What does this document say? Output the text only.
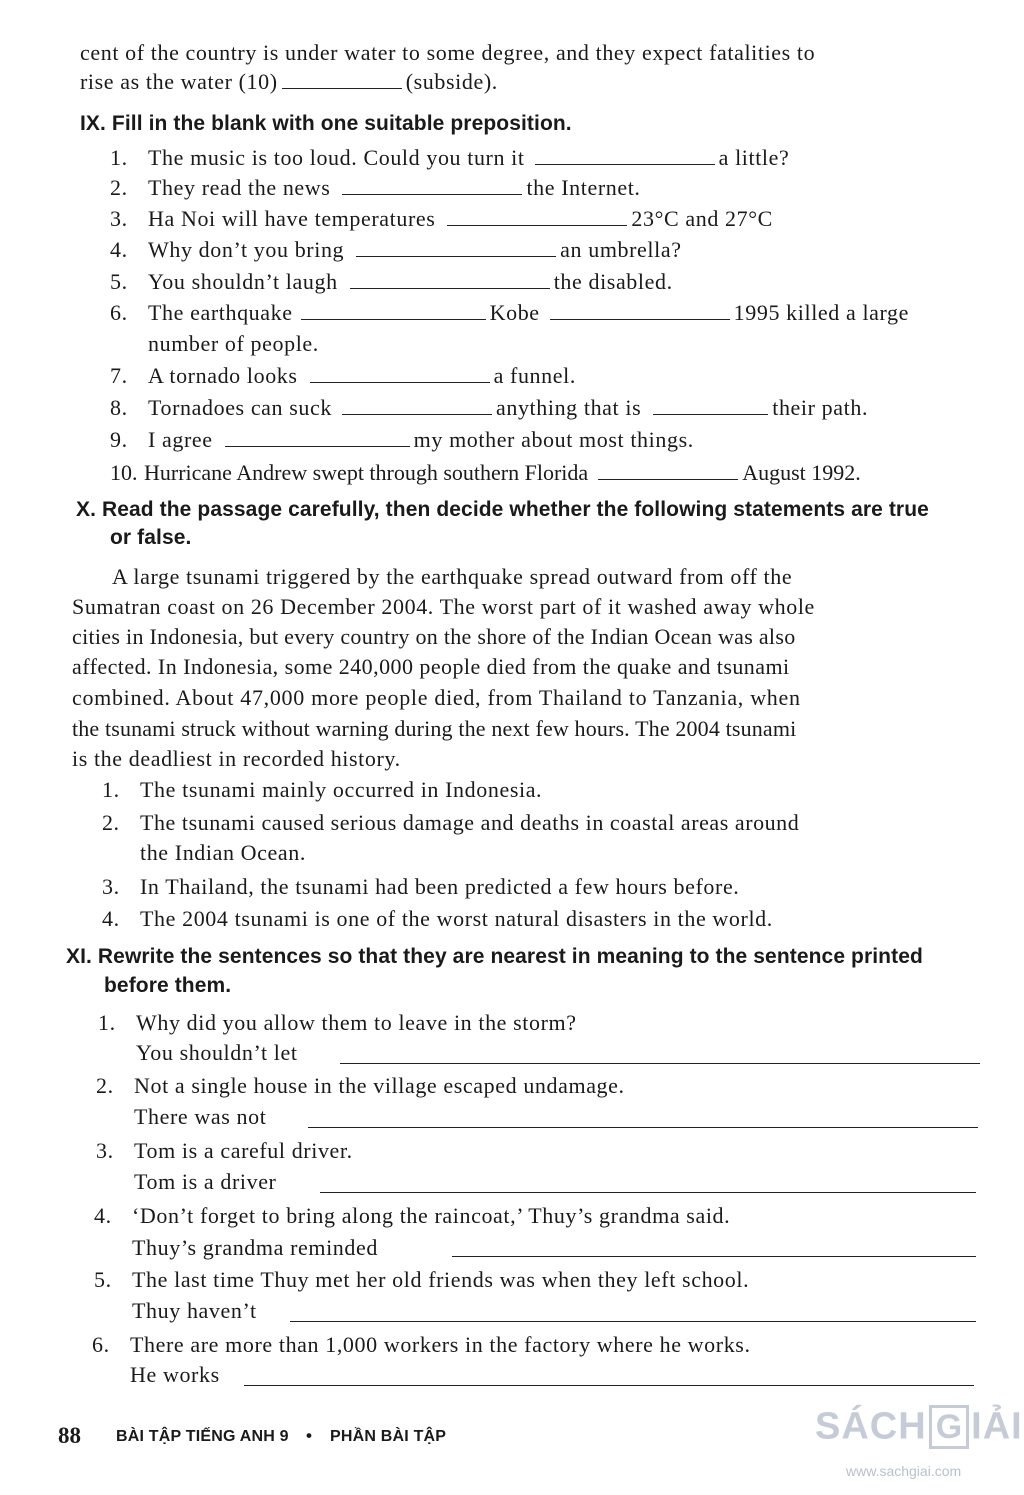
cent of the country is under water to some degree, and they expect fatalities to
rise as the water (10)	(subside).
IX. Fill in the blank with one suitable preposition.
1. The music is too loud. Could you turn it	a little?
2. They read the news	the Internet.
3. Ha Noi will have temperatures	23°C and 27°C
4. Why don’t you bring	an umbrella?
5. You shouldn’t laugh	the disabled.
6. The earthquake	Kobe	1995 killed a large
number of people.
7. A tornado looks	a funnel.
8. Tornadoes can suck	anything that is	their path.
9. I agree	my mother about most things.
10. Hurricane Andrew swept through southern Florida	August 1992.
X. Read the passage carefully, then decide whether the following statements are true
or false.
A large tsunami triggered by the earthquake spread outward from off the
Sumatran coast on 26 December 2004. The worst part of it washed away whole
cities in Indonesia, but every country on the shore of the Indian Ocean was also
affected. In Indonesia, some 240,000 people died from the quake and tsunami
combined. About 47,000 more people died, from Thailand to Tanzania, when
the tsunami struck without warning during the next few hours. The 2004 tsunami
is the deadliest in recorded history.
1. The tsunami mainly occurred in Indonesia.
2. The tsunami caused serious damage and deaths in coastal areas around
the Indian Ocean.
3. In Thailand, the tsunami had been predicted a few hours before.
4. The 2004 tsunami is one of the worst natural disasters in the world.
XI. Rewrite the sentences so that they are nearest in meaning to the sentence printed
before them.
1. Why did you allow them to leave in the storm?
You shouldn’t let
2. Not a single house in the village escaped undamage.
There was not
3. Tom is a careful driver.
Tom is a driver
4. ‘Don’t forget to bring along the raincoat,’ Thuy’s grandma said.
Thuy’s grandma reminded
5. The last time Thuy met her old friends was when they left school.
Thuy haven’t
6. There are more than 1,000 workers in the factory where he works.
He works
88 BÀI TẬP TIẾNG ANH 9 • PHẦN BÀI TẬP	SÁCH G IẢI
www.sachgiai.com
